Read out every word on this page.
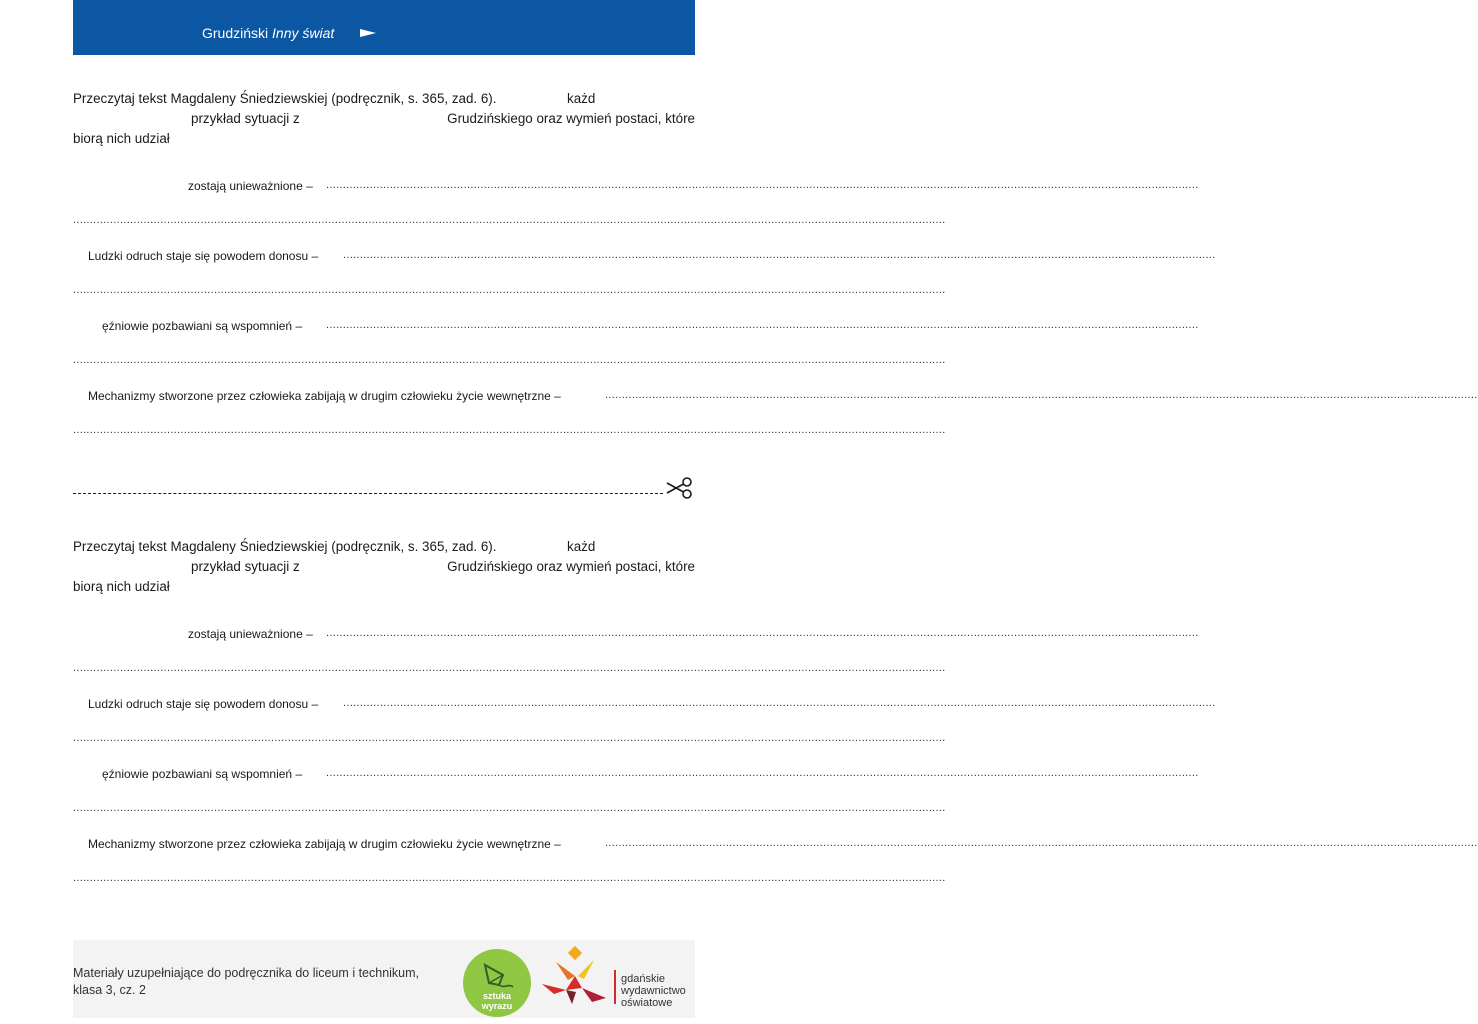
Grudziński Inny świat
Przeczytaj tekst Magdaleny Śniedziewskiej (podręcznik, s. 365, zad. 6).	każd
przykład sytuacji z	Grudzińskiego oraz wymień postaci, które
biorą nich udział
zostają unieważnione – ....................................................................................................................................................................................................................................................................
....................................................................................................................................................................................................................................................................
Ludzki odruch staje się powodem donosu – ....................................................................................................................................................................................................................................................................
....................................................................................................................................................................................................................................................................
ęźniowie pozbawiani są wspomnień – ....................................................................................................................................................................................................................................................................
....................................................................................................................................................................................................................................................................
Mechanizmy stworzone przez człowieka zabijają w drugim człowieku życie wewnętrzne –	....................................................................................................................................................................................................................................................................
....................................................................................................................................................................................................................................................................
Przeczytaj tekst Magdaleny Śniedziewskiej (podręcznik, s. 365, zad. 6).	każd
przykład sytuacji z	Grudzińskiego oraz wymień postaci, które
biorą nich udział
zostają unieważnione – ....................................................................................................................................................................................................................................................................
....................................................................................................................................................................................................................................................................
Ludzki odruch staje się powodem donosu – ....................................................................................................................................................................................................................................................................
....................................................................................................................................................................................................................................................................
ęźniowie pozbawiani są wspomnień – ....................................................................................................................................................................................................................................................................
....................................................................................................................................................................................................................................................................
Mechanizmy stworzone przez człowieka zabijają w drugim człowieku życie wewnętrzne –	....................................................................................................................................................................................................................................................................
....................................................................................................................................................................................................................................................................
Materiały uzupełniające do podręcznika do liceum i technikum,
klasa 3, cz. 2	sztuka
wyrazu
gdańskie
wydawnictwo
oświatowe
